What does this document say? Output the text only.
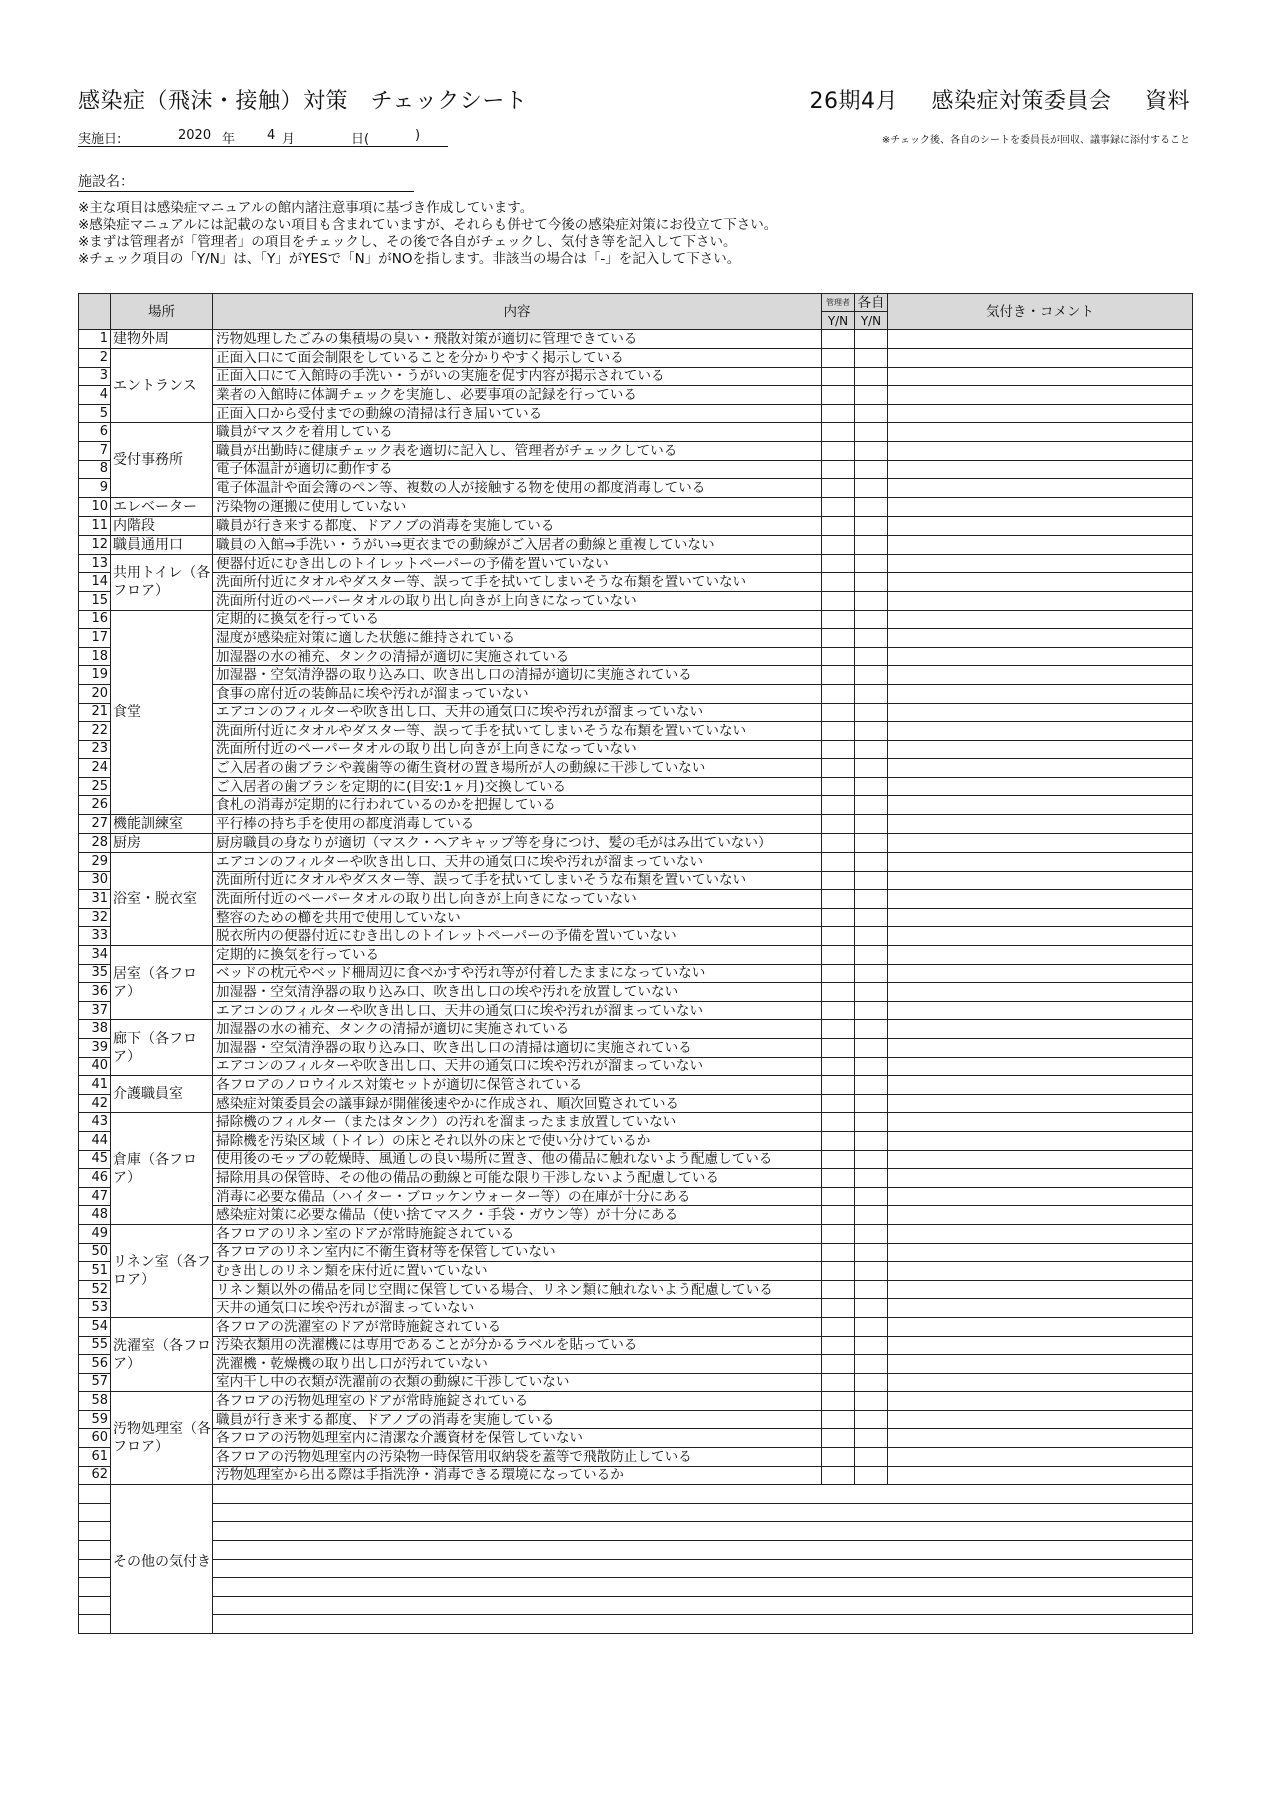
感染症（飛沫・接触）対策　チェックシート	26期4月 感染症対策委員会 資料
実施日:	2020 年 4 月	日(	)	※チェック後、各自のシートを委員長が回収、議事録に添付すること
施設名：
※主な項目は感染症マニュアルの館内諸注意事項に基づき作成しています。
※感染症マニュアルには記載のない項目も含まれていますが、それらも併せて今後の感染症対策にお役立て下さい。
※まずは管理者が「管理者」の項目をチェックし、その後で各自がチェックし、気付き等を記入して下さい。
※チェック項目の「Y/N」は、「Y」がYESで「N」がNOを指します。非該当の場合は「-」を記入して下さい。
	場所	内容	管理者	各自	気付き・コメント
			Y/N	Y/N	
1	建物外周	汚物処理したごみの集積場の臭い・飛散対策が適切に管理できている			
2	エントランス	正面入口にて面会制限をしていることを分かりやすく掲示している			
3		正面入口にて入館時の手洗い・うがいの実施を促す内容が掲示されている			
4		業者の入館時に体調チェックを実施し、必要事項の記録を行っている			
5		正面入口から受付までの動線の清掃は行き届いている			
6	受付事務所	職員がマスクを着用している			
7		職員が出勤時に健康チェック表を適切に記入し、管理者がチェックしている			
8		電子体温計が適切に動作する			
9		電子体温計や面会簿のペン等、複数の人が接触する物を使用の都度消毒している			
10	エレベーター	汚染物の運搬に使用していない			
11	内階段	職員が行き来する都度、ドアノブの消毒を実施している			
12	職員通用口	職員の入館⇒手洗い・うがい⇒更衣までの動線がご入居者の動線と重複していない			
13	共用トイレ（各フロア）	便器付近にむき出しのトイレットペーパーの予備を置いていない			
14		洗面所付近にタオルやダスター等、誤って手を拭いてしまいそうな布類を置いていない			
15		洗面所付近のペーパータオルの取り出し向きが上向きになっていない			
16	食堂	定期的に換気を行っている			
17		湿度が感染症対策に適した状態に維持されている			
18		加湿器の水の補充、タンクの清掃が適切に実施されている			
19		加湿器・空気清浄器の取り込み口、吹き出し口の清掃が適切に実施されている			
20		食事の席付近の装飾品に埃や汚れが溜まっていない			
21		エアコンのフィルターや吹き出し口、天井の通気口に埃や汚れが溜まっていない			
22		洗面所付近にタオルやダスター等、誤って手を拭いてしまいそうな布類を置いていない			
23		洗面所付近のペーパータオルの取り出し向きが上向きになっていない			
24		ご入居者の歯ブラシや義歯等の衛生資材の置き場所が人の動線に干渉していない			
25		ご入居者の歯ブラシを定期的に(目安:1ヶ月)交換している			
26		食札の消毒が定期的に行われているのかを把握している			
27	機能訓練室	平行棒の持ち手を使用の都度消毒している			
28	厨房	厨房職員の身なりが適切（マスク・ヘアキャップ等を身につけ、髪の毛がはみ出ていない）			
29	浴室・脱衣室	エアコンのフィルターや吹き出し口、天井の通気口に埃や汚れが溜まっていない			
30		洗面所付近にタオルやダスター等、誤って手を拭いてしまいそうな布類を置いていない			
31		洗面所付近のペーパータオルの取り出し向きが上向きになっていない			
32		整容のための櫛を共用で使用していない			
33		脱衣所内の便器付近にむき出しのトイレットペーパーの予備を置いていない			
34	居室（各フロア）	定期的に換気を行っている			
35		ベッドの枕元やベッド柵周辺に食べかすや汚れ等が付着したままになっていない			
36		加湿器・空気清浄器の取り込み口、吹き出し口の埃や汚れを放置していない			
37		エアコンのフィルターや吹き出し口、天井の通気口に埃や汚れが溜まっていない			
38	廊下（各フロア）	加湿器の水の補充、タンクの清掃が適切に実施されている			
39		加湿器・空気清浄器の取り込み口、吹き出し口の清掃は適切に実施されている			
40		エアコンのフィルターや吹き出し口、天井の通気口に埃や汚れが溜まっていない			
41	介護職員室	各フロアのノロウイルス対策セットが適切に保管されている			
42		感染症対策委員会の議事録が開催後速やかに作成され、順次回覧されている			
43	倉庫（各フロア）	掃除機のフィルター（またはタンク）の汚れを溜まったまま放置していない			
44		掃除機を汚染区域（トイレ）の床とそれ以外の床とで使い分けているか			
45		使用後のモップの乾燥時、風通しの良い場所に置き、他の備品に触れないよう配慮している			
46		掃除用具の保管時、その他の備品の動線と可能な限り干渉しないよう配慮している			
47		消毒に必要な備品（ハイター・ブロッケンウォーター等）の在庫が十分にある			
48		感染症対策に必要な備品（使い捨てマスク・手袋・ガウン等）が十分にある			
49	リネン室（各フロア）	各フロアのリネン室のドアが常時施錠されている			
50		各フロアのリネン室内に不衛生資材等を保管していない			
51		むき出しのリネン類を床付近に置いていない			
52		リネン類以外の備品を同じ空間に保管している場合、リネン類に触れないよう配慮している			
53		天井の通気口に埃や汚れが溜まっていない			
54	洗濯室（各フロア）	各フロアの洗濯室のドアが常時施錠されている			
55		汚染衣類用の洗濯機には専用であることが分かるラベルを貼っている			
56		洗濯機・乾燥機の取り出し口が汚れていない			
57		室内干し中の衣類が洗濯前の衣類の動線に干渉していない			
58	汚物処理室（各フロア）	各フロアの汚物処理室のドアが常時施錠されている			
59		職員が行き来する都度、ドアノブの消毒を実施している			
60		各フロアの汚物処理室内に清潔な介護資材を保管していない			
61		各フロアの汚物処理室内の汚染物一時保管用収納袋を蓋等で飛散防止している			
62		汚物処理室から出る際は手指洗浄・消毒できる環境になっているか			
	その他の気付き				
